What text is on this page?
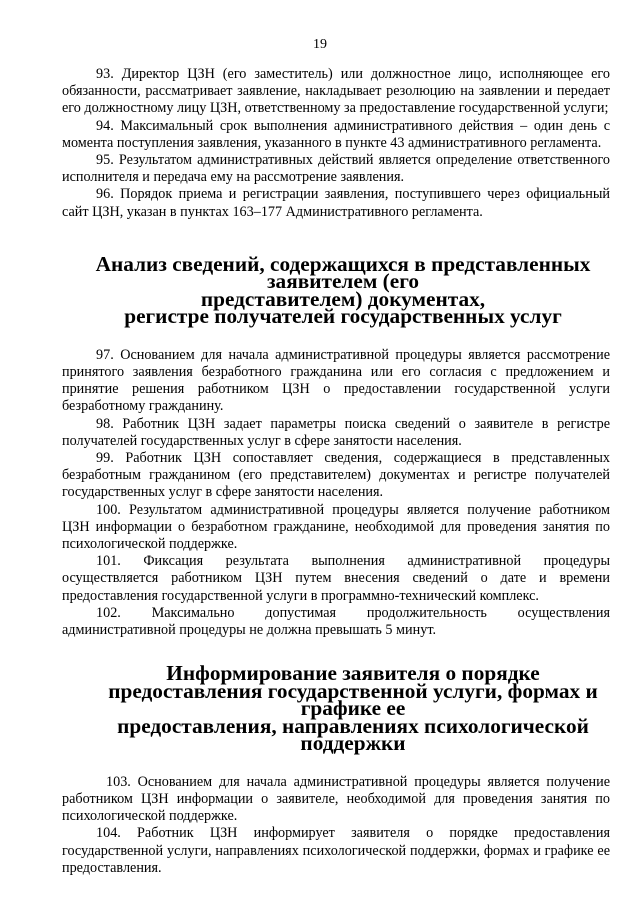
19

93. Директор ЦЗН (его заместитель) или должностное лицо, исполняющее его обязанности, рассматривает заявление, накладывает резолюцию на заявлении и передает его должностному лицу ЦЗН, ответственному за предоставление государственной услуги;

94. Максимальный срок выполнения административного действия – один день с момента поступления заявления, указанного в пункте 43 административного регламента.

95. Результатом административных действий является определение ответственного исполнителя и передача ему на рассмотрение заявления.

96. Порядок приема и регистрации заявления, поступившего через официальный сайт ЦЗН, указан в пунктах 163–177 Административного регламента.

Анализ сведений, содержащихся в представленных заявителем (его
представителем) документах,
регистре получателей государственных услуг

97. Основанием для начала административной процедуры является рассмотрение принятого заявления безработного гражданина или его согласия с предложением и принятие решения работником ЦЗН о предоставлении государственной услуги безработному гражданину.

98. Работник ЦЗН задает параметры поиска сведений о заявителе в регистре получателей государственных услуг в сфере занятости населения.

99. Работник ЦЗН сопоставляет сведения, содержащиеся в представленных безработным гражданином (его представителем) документах и регистре получателей государственных услуг в сфере занятости населения.

100. Результатом административной процедуры является получение работником ЦЗН информации о безработном гражданине, необходимой для проведения занятия по психологической поддержке.

101. Фиксация результата выполнения административной процедуры осуществляется работником ЦЗН путем внесения сведений о дате и времени предоставления государственной услуги в программно-технический комплекс.

102. Максимально допустимая продолжительность осуществления административной процедуры не должна превышать 5 минут.

Информирование заявителя о порядке
предоставления государственной услуги, формах и графике ее
предоставления, направлениях психологической поддержки

103. Основанием для начала административной процедуры является получение работником ЦЗН информации о заявителе, необходимой для проведения занятия по психологической поддержке.

104. Работник ЦЗН информирует заявителя о порядке предоставления государственной услуги, направлениях психологической поддержки, формах и графике ее предоставления.
